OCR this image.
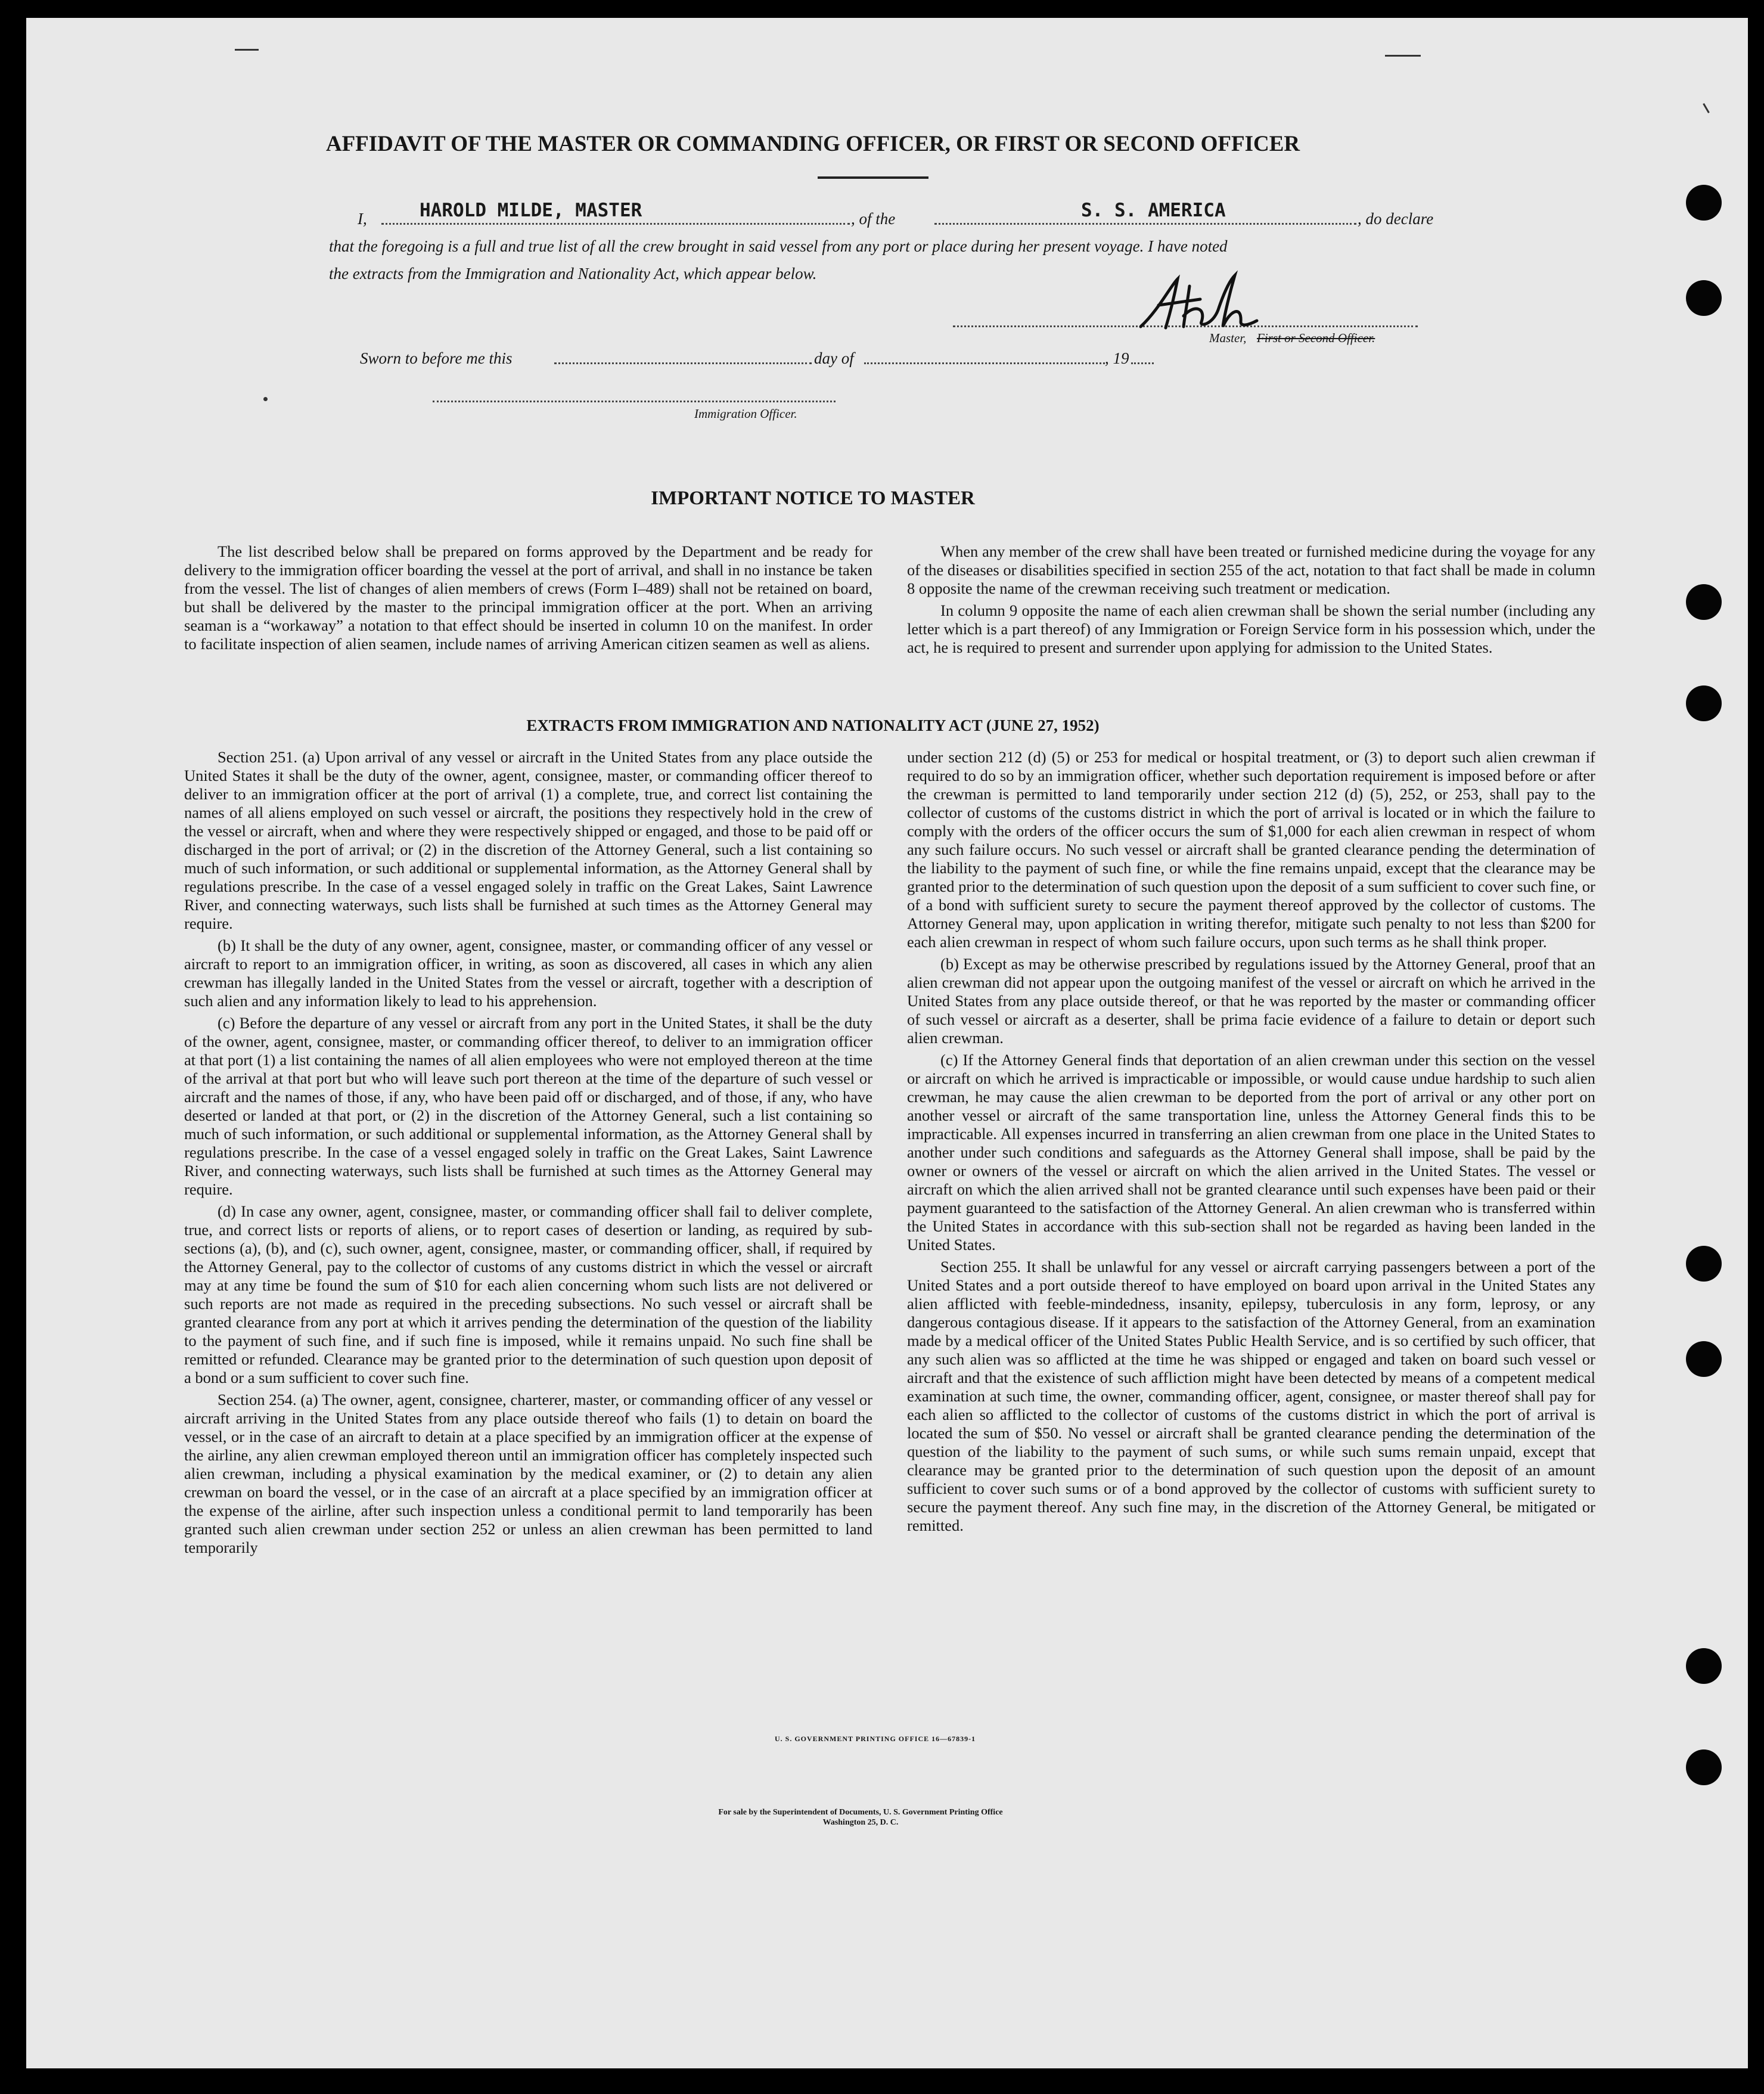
AFFIDAVIT OF THE MASTER OR COMMANDING OFFICER, OR FIRST OR SECOND OFFICER
I,	HAROLD MILDE, MASTER	, of the	S. S. AMERICA	, do declare
that the foregoing is a full and true list of all the crew brought in said vessel from any port or place during her present voyage. I have noted
the extracts from the Immigration and Nationality Act, which appear below.
Master, First or Second Officer.
Sworn to before me this	day of	, 19
Immigration Officer.
IMPORTANT NOTICE TO MASTER

The list described below shall be prepared on forms approved by the Department and be ready for delivery to the immigration officer boarding the vessel at the port of arrival, and shall in no instance be taken from the vessel. The list of changes of alien members of crews (Form I–489) shall not be retained on board, but shall be delivered by the master to the principal immigration officer at the port. When an arriving seaman is a “workaway” a notation to that effect should be inserted in column 10 on the manifest. In order to facilitate inspection of alien seamen, include names of arriving American citizen seamen as well as aliens.

When any member of the crew shall have been treated or furnished medicine during the voyage for any of the diseases or disabilities specified in section 255 of the act, notation to that fact shall be made in column 8 opposite the name of the crewman receiving such treatment or medication.

In column 9 opposite the name of each alien crewman shall be shown the serial number (including any letter which is a part thereof) of any Immigration or Foreign Service form in his possession which, under the act, he is required to present and surrender upon applying for admission to the United States.

EXTRACTS FROM IMMIGRATION AND NATIONALITY ACT (JUNE 27, 1952)

Section 251. (a) Upon arrival of any vessel or aircraft in the United States from any place outside the United States it shall be the duty of the owner, agent, consignee, master, or commanding officer thereof to deliver to an immigration officer at the port of arrival (1) a complete, true, and correct list containing the names of all aliens employed on such vessel or aircraft, the positions they respectively hold in the crew of the vessel or aircraft, when and where they were respectively shipped or engaged, and those to be paid off or discharged in the port of arrival; or (2) in the discretion of the Attorney General, such a list containing so much of such information, or such additional or supplemental information, as the Attorney General shall by regulations prescribe. In the case of a vessel engaged solely in traffic on the Great Lakes, Saint Lawrence River, and connecting waterways, such lists shall be furnished at such times as the Attorney General may require.

(b) It shall be the duty of any owner, agent, consignee, master, or commanding officer of any vessel or aircraft to report to an immigration officer, in writing, as soon as discovered, all cases in which any alien crewman has illegally landed in the United States from the vessel or aircraft, together with a description of such alien and any information likely to lead to his apprehension.

(c) Before the departure of any vessel or aircraft from any port in the United States, it shall be the duty of the owner, agent, consignee, master, or commanding officer thereof, to deliver to an immigration officer at that port (1) a list containing the names of all alien employees who were not employed thereon at the time of the arrival at that port but who will leave such port thereon at the time of the departure of such vessel or aircraft and the names of those, if any, who have been paid off or discharged, and of those, if any, who have deserted or landed at that port, or (2) in the discretion of the Attorney General, such a list containing so much of such information, or such additional or supplemental information, as the Attorney General shall by regulations prescribe. In the case of a vessel engaged solely in traffic on the Great Lakes, Saint Lawrence River, and connecting waterways, such lists shall be furnished at such times as the Attorney General may require.

(d) In case any owner, agent, consignee, master, or commanding officer shall fail to deliver complete, true, and correct lists or reports of aliens, or to report cases of desertion or landing, as required by sub-sections (a), (b), and (c), such owner, agent, consignee, master, or commanding officer, shall, if required by the Attorney General, pay to the collector of customs of any customs district in which the vessel or aircraft may at any time be found the sum of $10 for each alien concerning whom such lists are not delivered or such reports are not made as required in the preceding subsections. No such vessel or aircraft shall be granted clearance from any port at which it arrives pending the determination of the question of the liability to the payment of such fine, and if such fine is imposed, while it remains unpaid. No such fine shall be remitted or refunded. Clearance may be granted prior to the determination of such question upon deposit of a bond or a sum sufficient to cover such fine.

Section 254. (a) The owner, agent, consignee, charterer, master, or commanding officer of any vessel or aircraft arriving in the United States from any place outside thereof who fails (1) to detain on board the vessel, or in the case of an aircraft to detain at a place specified by an immigration officer at the expense of the airline, any alien crewman employed thereon until an immigration officer has completely inspected such alien crewman, including a physical examination by the medical examiner, or (2) to detain any alien crewman on board the vessel, or in the case of an aircraft at a place specified by an immigration officer at the expense of the airline, after such inspection unless a conditional permit to land temporarily has been granted such alien crewman under section 252 or unless an alien crewman has been permitted to land temporarily

under section 212 (d) (5) or 253 for medical or hospital treatment, or (3) to deport such alien crewman if required to do so by an immigration officer, whether such deportation requirement is imposed before or after the crewman is permitted to land temporarily under section 212 (d) (5), 252, or 253, shall pay to the collector of customs of the customs district in which the port of arrival is located or in which the failure to comply with the orders of the officer occurs the sum of $1,000 for each alien crewman in respect of whom any such failure occurs. No such vessel or aircraft shall be granted clearance pending the determination of the liability to the payment of such fine, or while the fine remains unpaid, except that the clearance may be granted prior to the determination of such question upon the deposit of a sum sufficient to cover such fine, or of a bond with sufficient surety to secure the payment thereof approved by the collector of customs. The Attorney General may, upon application in writing therefor, mitigate such penalty to not less than $200 for each alien crewman in respect of whom such failure occurs, upon such terms as he shall think proper.

(b) Except as may be otherwise prescribed by regulations issued by the Attorney General, proof that an alien crewman did not appear upon the outgoing manifest of the vessel or aircraft on which he arrived in the United States from any place outside thereof, or that he was reported by the master or commanding officer of such vessel or aircraft as a deserter, shall be prima facie evidence of a failure to detain or deport such alien crewman.

(c) If the Attorney General finds that deportation of an alien crewman under this section on the vessel or aircraft on which he arrived is impracticable or impossible, or would cause undue hardship to such alien crewman, he may cause the alien crewman to be deported from the port of arrival or any other port on another vessel or aircraft of the same transportation line, unless the Attorney General finds this to be impracticable. All expenses incurred in transferring an alien crewman from one place in the United States to another under such conditions and safeguards as the Attorney General shall impose, shall be paid by the owner or owners of the vessel or aircraft on which the alien arrived in the United States. The vessel or aircraft on which the alien arrived shall not be granted clearance until such expenses have been paid or their payment guaranteed to the satisfaction of the Attorney General. An alien crewman who is transferred within the United States in accordance with this sub-section shall not be regarded as having been landed in the United States.

Section 255. It shall be unlawful for any vessel or aircraft carrying passengers between a port of the United States and a port outside thereof to have employed on board upon arrival in the United States any alien afflicted with feeble-mindedness, insanity, epilepsy, tuberculosis in any form, leprosy, or any dangerous contagious disease. If it appears to the satisfaction of the Attorney General, from an examination made by a medical officer of the United States Public Health Service, and is so certified by such officer, that any such alien was so afflicted at the time he was shipped or engaged and taken on board such vessel or aircraft and that the existence of such affliction might have been detected by means of a competent medical examination at such time, the owner, commanding officer, agent, consignee, or master thereof shall pay for each alien so afflicted to the collector of customs of the customs district in which the port of arrival is located the sum of $50. No vessel or aircraft shall be granted clearance pending the determination of the question of the liability to the payment of such sums, or while such sums remain unpaid, except that clearance may be granted prior to the determination of such question upon the deposit of an amount sufficient to cover such sums or of a bond approved by the collector of customs with sufficient surety to secure the payment thereof. Any such fine may, in the discretion of the Attorney General, be mitigated or remitted.

U. S. GOVERNMENT PRINTING OFFICE 16—67839-1
For sale by the Superintendent of Documents, U. S. Government Printing Office
Washington 25, D. C.
